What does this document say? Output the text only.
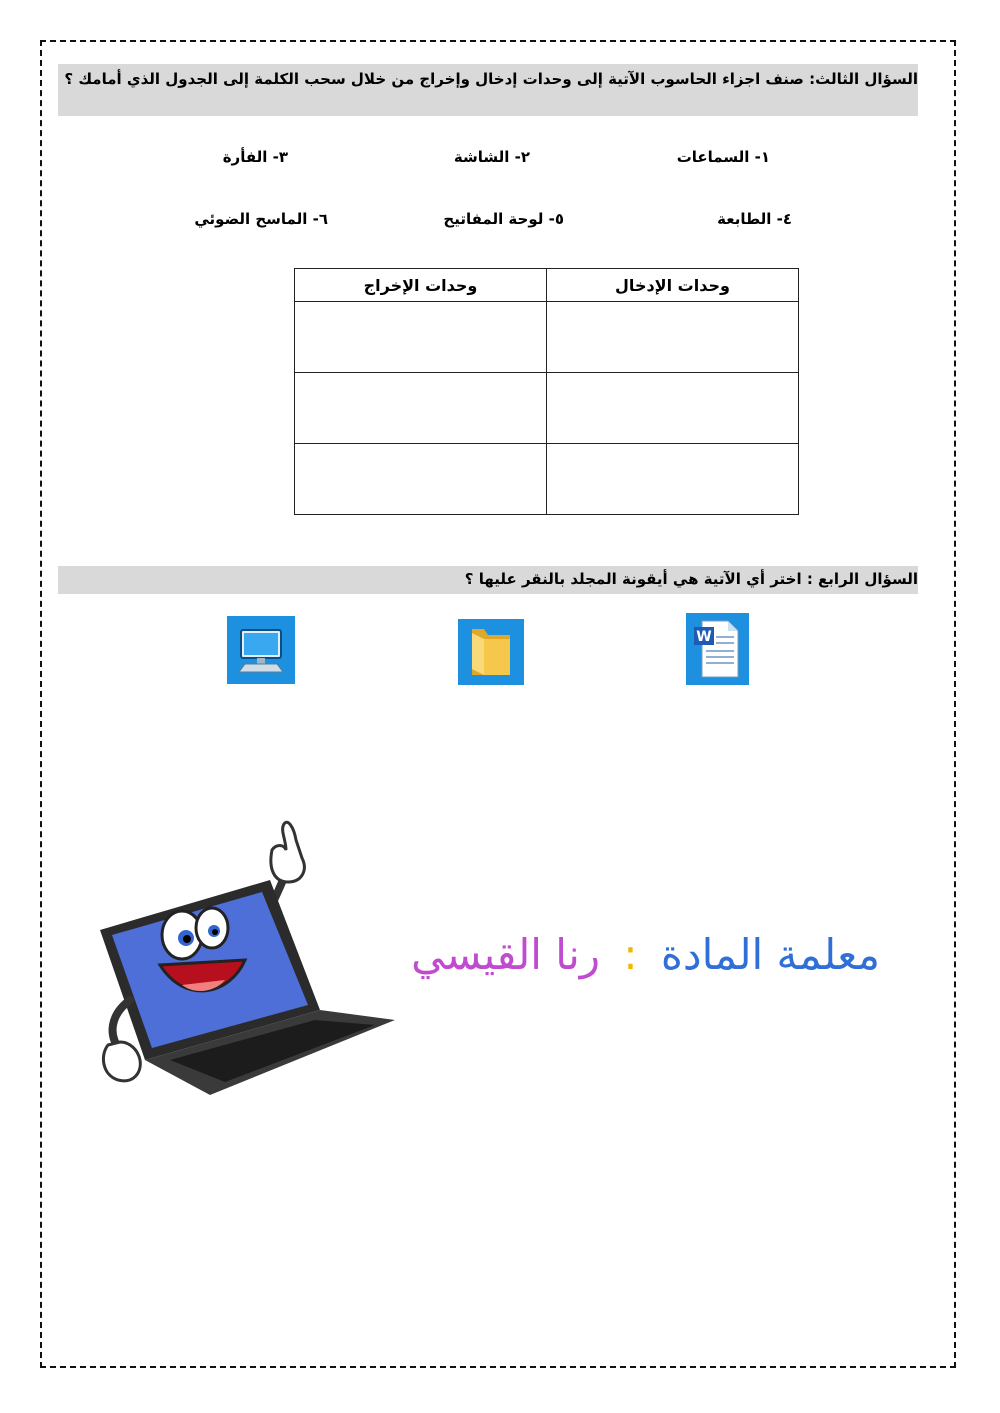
السؤال الثالث: صنف اجزاء الحاسوب الآتية إلى وحدات إدخال وإخراج من خلال سحب الكلمة إلى الجدول الذي أمامك ؟
١- السماعات
٢- الشاشة
٣- الفأرة
٤- الطابعة
٥- لوحة المفاتيح
٦- الماسح الضوئي
وحدات الإدخال	وحدات الإخراج

السؤال الرابع : اختر أي الآتية هي أيقونة المجلد بالنقر عليها ؟
W
معلمة المادة : رنا القيسي
